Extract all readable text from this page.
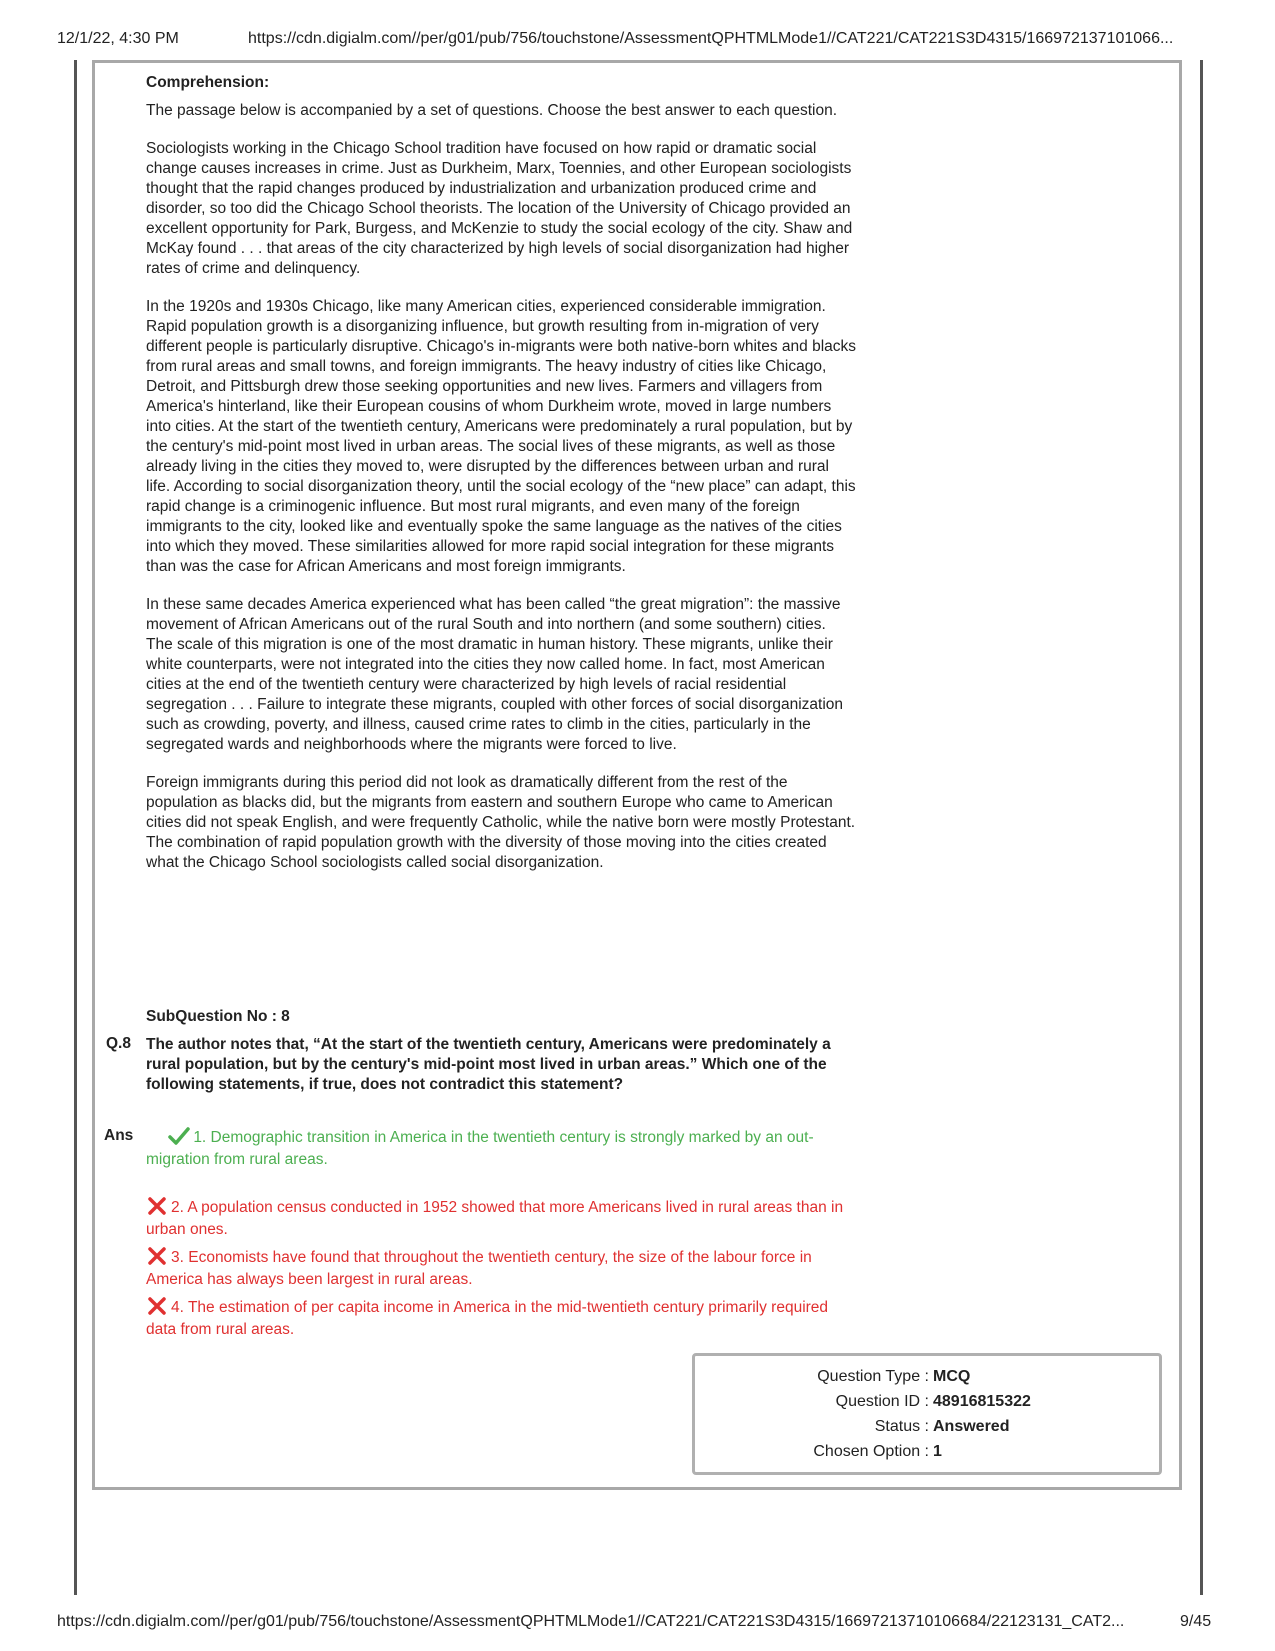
12/1/22, 4:30 PM	https://cdn.digialm.com//per/g01/pub/756/touchstone/AssessmentQPHTMLMode1//CAT221/CAT221S3D4315/166972137101066...
Comprehension:

The passage below is accompanied by a set of questions. Choose the best answer to each question.

Sociologists working in the Chicago School tradition have focused on how rapid or dramatic social change causes increases in crime. Just as Durkheim, Marx, Toennies, and other European sociologists thought that the rapid changes produced by industrialization and urbanization produced crime and disorder, so too did the Chicago School theorists. The location of the University of Chicago provided an excellent opportunity for Park, Burgess, and McKenzie to study the social ecology of the city. Shaw and McKay found . . . that areas of the city characterized by high levels of social disorganization had higher rates of crime and delinquency.

In the 1920s and 1930s Chicago, like many American cities, experienced considerable immigration. Rapid population growth is a disorganizing influence, but growth resulting from in-migration of very different people is particularly disruptive. Chicago's in-migrants were both native-born whites and blacks from rural areas and small towns, and foreign immigrants. The heavy industry of cities like Chicago, Detroit, and Pittsburgh drew those seeking opportunities and new lives. Farmers and villagers from America's hinterland, like their European cousins of whom Durkheim wrote, moved in large numbers into cities. At the start of the twentieth century, Americans were predominately a rural population, but by the century's mid-point most lived in urban areas. The social lives of these migrants, as well as those already living in the cities they moved to, were disrupted by the differences between urban and rural life. According to social disorganization theory, until the social ecology of the “new place” can adapt, this rapid change is a criminogenic influence. But most rural migrants, and even many of the foreign immigrants to the city, looked like and eventually spoke the same language as the natives of the cities into which they moved. These similarities allowed for more rapid social integration for these migrants than was the case for African Americans and most foreign immigrants.

In these same decades America experienced what has been called “the great migration”: the massive movement of African Americans out of the rural South and into northern (and some southern) cities. The scale of this migration is one of the most dramatic in human history. These migrants, unlike their white counterparts, were not integrated into the cities they now called home. In fact, most American cities at the end of the twentieth century were characterized by high levels of racial residential segregation . . . Failure to integrate these migrants, coupled with other forces of social disorganization such as crowding, poverty, and illness, caused crime rates to climb in the cities, particularly in the segregated wards and neighborhoods where the migrants were forced to live.

Foreign immigrants during this period did not look as dramatically different from the rest of the population as blacks did, but the migrants from eastern and southern Europe who came to American cities did not speak English, and were frequently Catholic, while the native born were mostly Protestant. The combination of rapid population growth with the diversity of those moving into the cities created what the Chicago School sociologists called social disorganization.

SubQuestion No : 8
Q.8 The author notes that, “At the start of the twentieth century, Americans were predominately a rural population, but by the century's mid-point most lived in urban areas.” Which one of the following statements, if true, does not contradict this statement?
Ans	1. Demographic transition in America in the twentieth century is strongly marked by an out-migration from rural areas.
2. A population census conducted in 1952 showed that more Americans lived in rural areas than in urban ones.
3. Economists have found that throughout the twentieth century, the size of the labour force in America has always been largest in rural areas.
4. The estimation of per capita income in America in the mid-twentieth century primarily required data from rural areas.
Question Type : MCQ
Question ID : 48916815322
Status : Answered
Chosen Option : 1
https://cdn.digialm.com//per/g01/pub/756/touchstone/AssessmentQPHTMLMode1//CAT221/CAT221S3D4315/16697213710106684/22123131_CAT2...	9/45
